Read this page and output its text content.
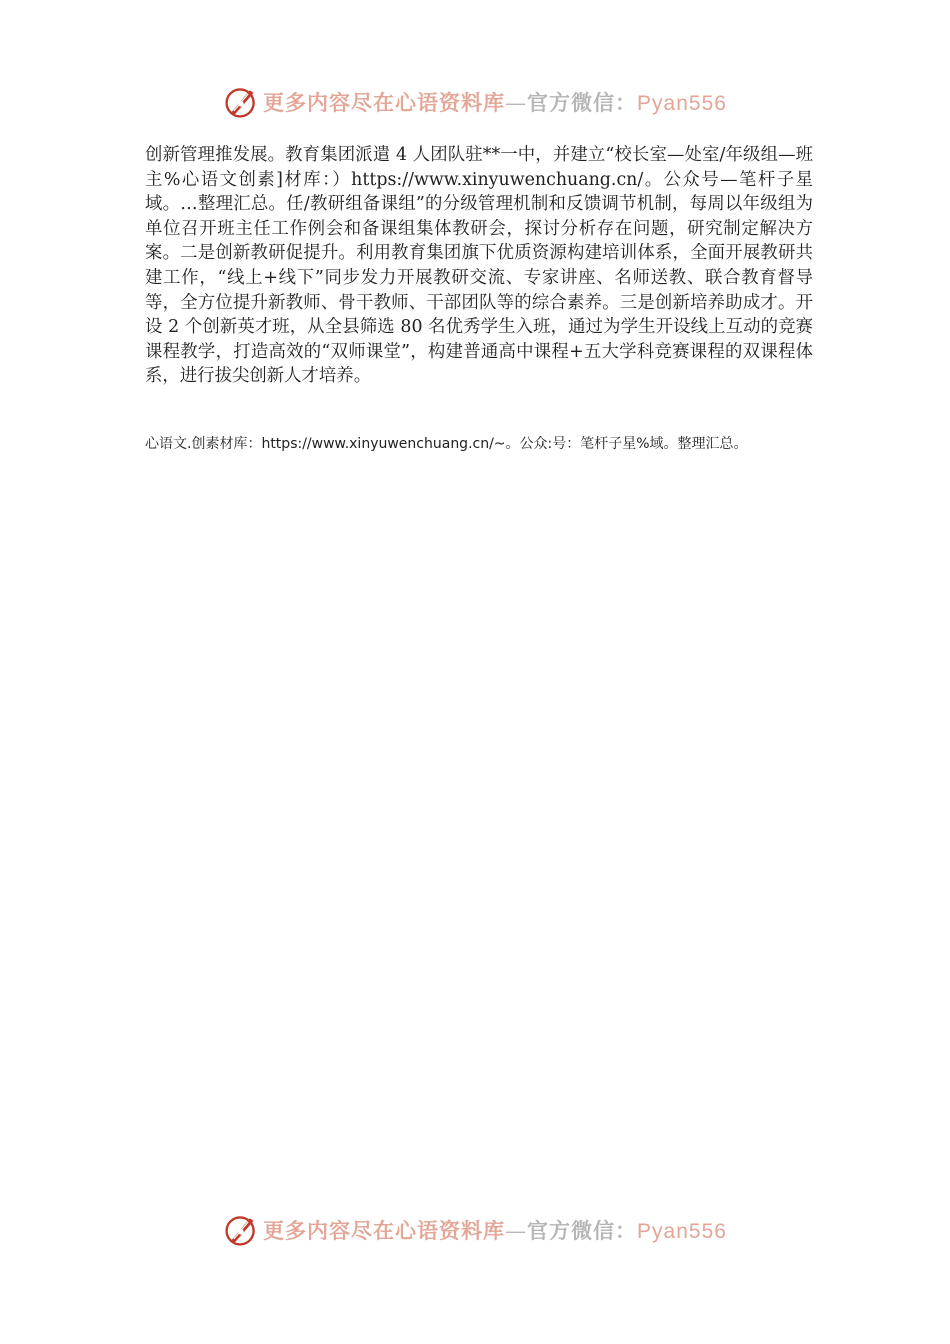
更多内容尽在心语资料库—官方微信：Pyan556

创新管理推发展。教育集团派遣 4 人团队驻**一中，并建立“校长室—处室/年级组—班主%心语文创素]材库：）https://www.xinyuwenchuang.cn/。公众号—笔杆子星域。…整理汇总。任/教研组备课组”的分级管理机制和反馈调节机制，每周以年级组为单位召开班主任工作例会和备课组集体教研会，探讨分析存在问题，研究制定解决方案。二是创新教研促提升。利用教育集团旗下优质资源构建培训体系，全面开展教研共建工作，“线上+线下”同步发力开展教研交流、专家讲座、名师送教、联合教育督导等，全方位提升新教师、骨干教师、干部团队等的综合素养。三是创新培养助成才。开设 2 个创新英才班，从全县筛选 80 名优秀学生入班，通过为学生开设线上互动的竞赛课程教学，打造高效的“双师课堂”，构建普通高中课程+五大学科竞赛课程的双课程体系，进行拔尖创新人才培养。

心语文.创素材库：https://www.xinyuwenchuang.cn/~。公众:号：笔杆子星%域。整理汇总。
更多内容尽在心语资料库—官方微信：Pyan556
